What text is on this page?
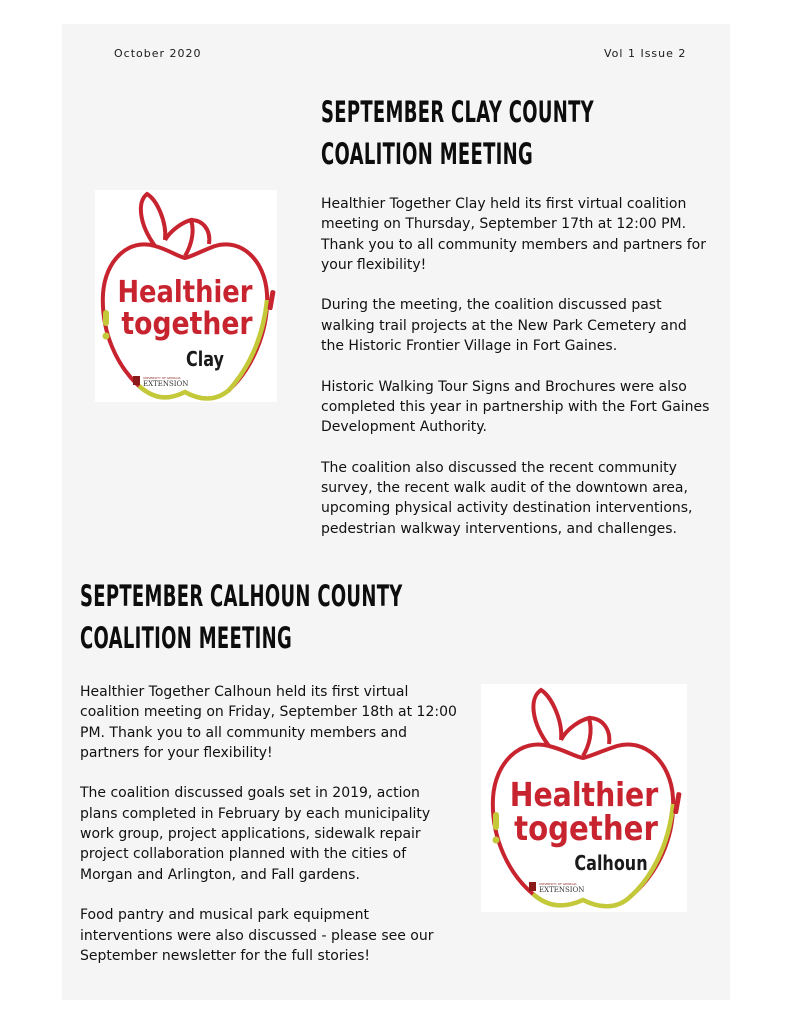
October 2020	Vol 1 Issue 2
SEPTEMBER CLAY COUNTY
COALITION MEETING

Healthier Together Clay held its first virtual coalition meeting on Thursday, September 17th at 12:00 PM. Thank you to all community members and partners for your flexibility!

During the meeting, the coalition discussed past walking trail projects at the New Park Cemetery and the Historic Frontier Village in Fort Gaines.

Historic Walking Tour Signs and Brochures were also completed this year in partnership with the Fort Gaines Development Authority.

The coalition also discussed the recent community survey, the recent walk audit of the downtown area, upcoming physical activity destination interventions, pedestrian walkway interventions, and challenges.

Healthier
together
Clay
UNIVERSITY OF GEORGIA
EXTENSION
SEPTEMBER CALHOUN COUNTY
COALITION MEETING

Healthier Together Calhoun held its first virtual coalition meeting on Friday, September 18th at 12:00 PM. Thank you to all community members and partners for your flexibility!

The coalition discussed goals set in 2019, action plans completed in February by each municipality work group, project applications, sidewalk repair project collaboration planned with the cities of Morgan and Arlington, and Fall gardens.

Food pantry and musical park equipment interventions were also discussed - please see our September newsletter for the full stories!

Healthier
together
Calhoun
UNIVERSITY OF GEORGIA
EXTENSION
